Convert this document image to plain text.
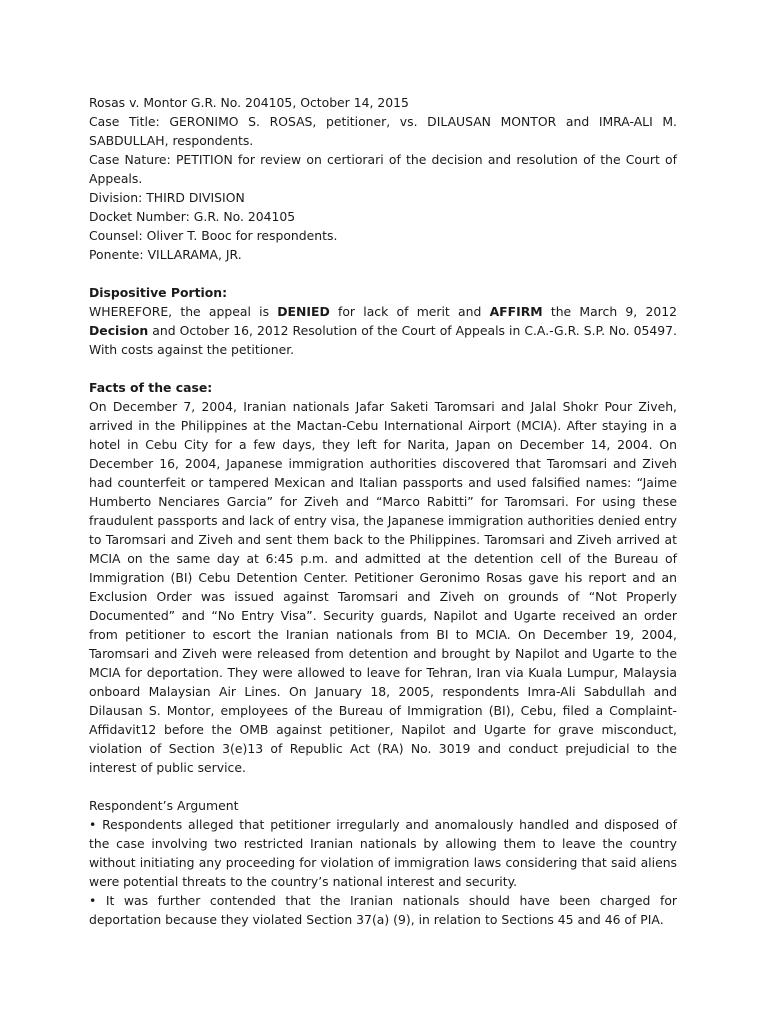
Rosas v. Montor G.R. No. 204105, October 14, 2015

Case Title: GERONIMO S. ROSAS, petitioner, vs. DILAUSAN MONTOR and IMRA-ALI M. SABDULLAH, respondents.

Case Nature: PETITION for review on certiorari of the decision and resolution of the Court of Appeals.

Division: THIRD DIVISION

Docket Number: G.R. No. 204105

Counsel: Oliver T. Booc for respondents.

Ponente: VILLARAMA, JR.

Dispositive Portion:

WHEREFORE, the appeal is DENIED for lack of merit and AFFIRM the March 9, 2012 Decision and October 16, 2012 Resolution of the Court of Appeals in C.A.-G.R. S.P. No. 05497. With costs against the petitioner.

Facts of the case:

On December 7, 2004, Iranian nationals Jafar Saketi Taromsari and Jalal Shokr Pour Ziveh, arrived in the Philippines at the Mactan-Cebu International Airport (MCIA). After staying in a hotel in Cebu City for a few days, they left for Narita, Japan on December 14, 2004. On December 16, 2004, Japanese immigration authorities discovered that Taromsari and Ziveh had counterfeit or tampered Mexican and Italian passports and used falsified names: “Jaime Humberto Nenciares Garcia” for Ziveh and “Marco Rabitti” for Taromsari. For using these fraudulent passports and lack of entry visa, the Japanese immigration authorities denied entry to Taromsari and Ziveh and sent them back to the Philippines. Taromsari and Ziveh arrived at MCIA on the same day at 6:45 p.m. and admitted at the detention cell of the Bureau of Immigration (BI) Cebu Detention Center. Petitioner Geronimo Rosas gave his report and an Exclusion Order was issued against Taromsari and Ziveh on grounds of “Not Properly Documented” and “No Entry Visa”. Security guards, Napilot and Ugarte received an order from petitioner to escort the Iranian nationals from BI to MCIA. On December 19, 2004, Taromsari and Ziveh were released from detention and brought by Napilot and Ugarte to the MCIA for deportation. They were allowed to leave for Tehran, Iran via Kuala Lumpur, Malaysia onboard Malaysian Air Lines. On January 18, 2005, respondents Imra-Ali Sabdullah and Dilausan S. Montor, employees of the Bureau of Immigration (BI), Cebu, filed a Complaint-Affidavit12 before the OMB against petitioner, Napilot and Ugarte for grave misconduct, violation of Section 3(e)13 of Republic Act (RA) No. 3019 and conduct prejudicial to the interest of public service.

Respondent’s Argument

• Respondents alleged that petitioner irregularly and anomalously handled and disposed of the case involving two restricted Iranian nationals by allowing them to leave the country without initiating any proceeding for violation of immigration laws considering that said aliens were potential threats to the country’s national interest and security.

• It was further contended that the Iranian nationals should have been charged for deportation because they violated Section 37(a) (9), in relation to Sections 45 and 46 of PIA.
